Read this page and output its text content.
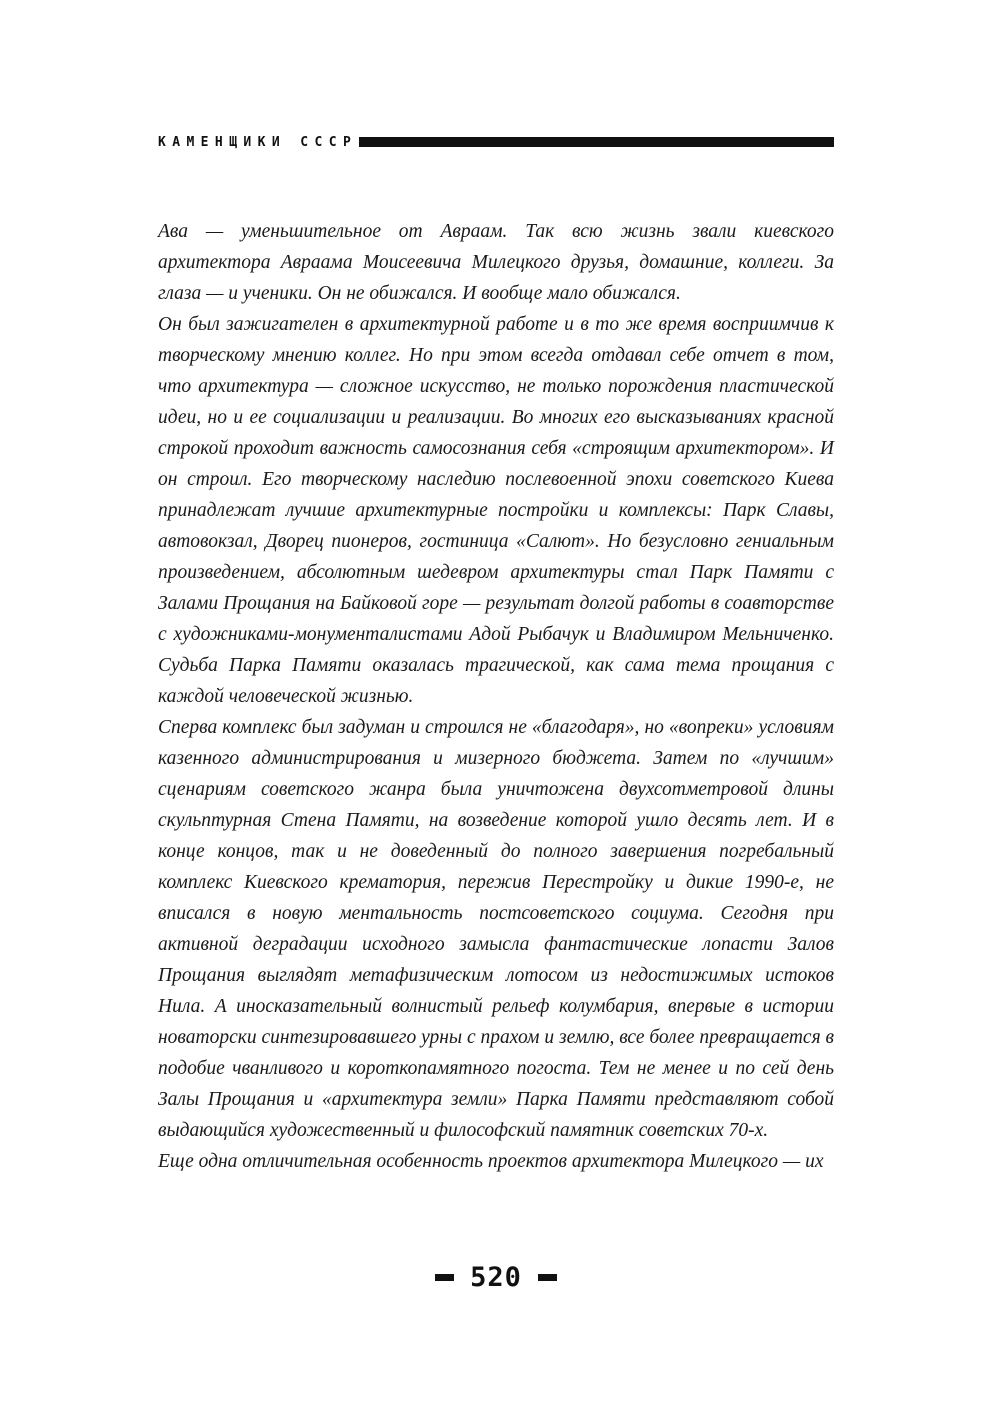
КАМЕНЩИКИ СССР

Ава — уменьшительное от Авраам. Так всю жизнь звали киевского архитектора Авраама Моисеевича Милецкого друзья, домашние, коллеги. За глаза — и ученики. Он не обижался. И вообще мало обижался.

Он был зажигателен в архитектурной работе и в то же время восприимчив к творческому мнению коллег. Но при этом всегда отдавал себе отчет в том, что архитектура — сложное искусство, не только порождения пластической идеи, но и ее социализации и реализации. Во многих его высказываниях красной строкой проходит важность самосознания себя «строящим архитектором». И он строил. Его творческому наследию послевоенной эпохи советского Киева принадлежат лучшие архитектурные постройки и комплексы: Парк Славы, автовокзал, Дворец пионеров, гостиница «Салют». Но безусловно гениальным произведением, абсолютным шедевром архитектуры стал Парк Памяти с Залами Прощания на Байковой горе — результат долгой работы в соавторстве с художниками-монументалистами Адой Рыбачук и Владимиром Мельниченко. Судьба Парка Памяти оказалась трагической, как сама тема прощания с каждой человеческой жизнью.

Сперва комплекс был задуман и строился не «благодаря», но «вопреки» условиям казенного администрирования и мизерного бюджета. Затем по «лучшим» сценариям советского жанра была уничтожена двухсотметровой длины скульптурная Стена Памяти, на возведение которой ушло десять лет. И в конце концов, так и не доведенный до полного завершения погребальный комплекс Киевского крематория, пережив Перестройку и дикие 1990-е, не вписался в новую ментальность постсоветского социума. Сегодня при активной деградации исходного замысла фантастические лопасти Залов Прощания выглядят метафизическим лотосом из недостижимых истоков Нила. А иносказательный волнистый рельеф колумбария, впервые в истории новаторски синтезировавшего урны с прахом и землю, все более превращается в подобие чванливого и короткопамятного погоста. Тем не менее и по сей день Залы Прощания и «архитектура земли» Парка Памяти представляют собой выдающийся художественный и философский памятник советских 70-х.

Еще одна отличительная особенность проектов архитектора Милецкого — их

520
